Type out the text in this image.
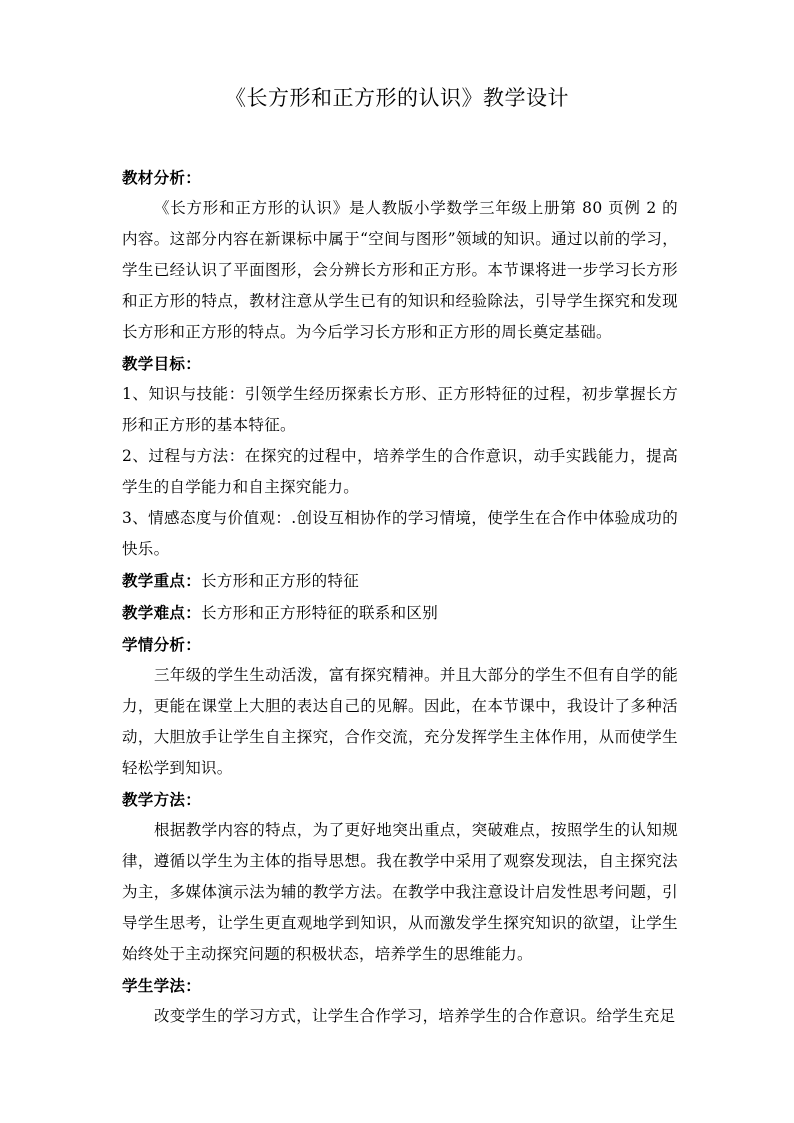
《长方形和正方形的认识》教学设计

教材分析：

《长方形和正方形的认识》是人教版小学数学三年级上册第 80 页例 2 的内容。这部分内容在新课标中属于“空间与图形”领域的知识。通过以前的学习，学生已经认识了平面图形，会分辨长方形和正方形。本节课将进一步学习长方形和正方形的特点，教材注意从学生已有的知识和经验除法，引导学生探究和发现长方形和正方形的特点。为今后学习长方形和正方形的周长奠定基础。

教学目标：

1、知识与技能：引领学生经历探索长方形、正方形特征的过程，初步掌握长方形和正方形的基本特征。

2、过程与方法：在探究的过程中，培养学生的合作意识，动手实践能力，提高学生的自学能力和自主探究能力。

3、情感态度与价值观：.创设互相协作的学习情境，使学生在合作中体验成功的快乐。

教学重点：长方形和正方形的特征

教学难点：长方形和正方形特征的联系和区别

学情分析：

三年级的学生生动活泼，富有探究精神。并且大部分的学生不但有自学的能力，更能在课堂上大胆的表达自己的见解。因此，在本节课中，我设计了多种活动，大胆放手让学生自主探究，合作交流，充分发挥学生主体作用，从而使学生轻松学到知识。

教学方法：

根据教学内容的特点，为了更好地突出重点，突破难点，按照学生的认知规律，遵循以学生为主体的指导思想。我在教学中采用了观察发现法，自主探究法为主，多媒体演示法为辅的教学方法。在教学中我注意设计启发性思考问题，引导学生思考，让学生更直观地学到知识，从而激发学生探究知识的欲望，让学生始终处于主动探究问题的积极状态，培养学生的思维能力。

学生学法：

改变学生的学习方式，让学生合作学习，培养学生的合作意识。给学生充足
